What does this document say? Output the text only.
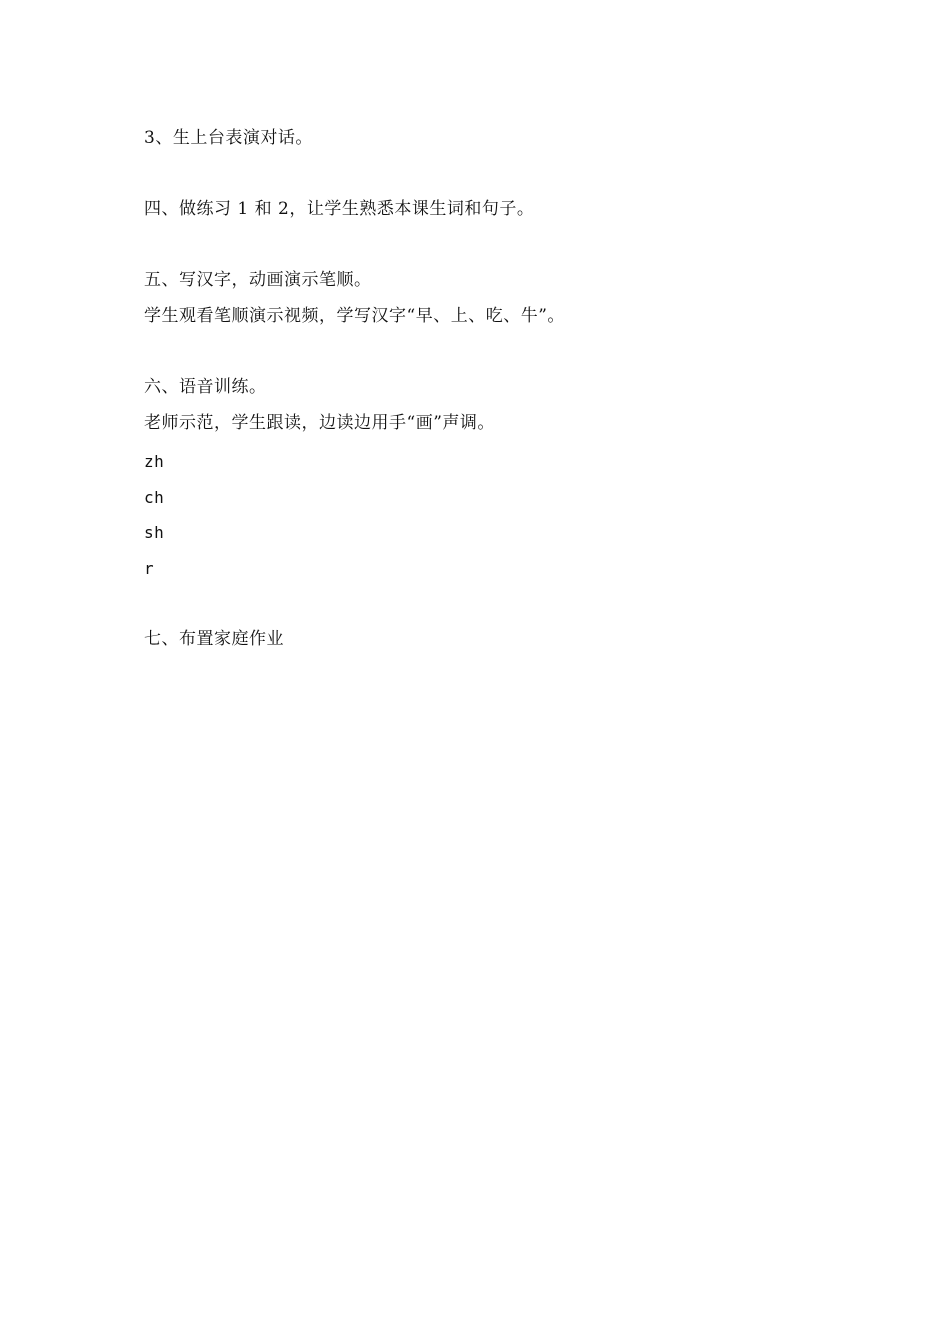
3、生上台表演对话。
四、做练习 1 和 2，让学生熟悉本课生词和句子。
五、写汉字，动画演示笔顺。
学生观看笔顺演示视频，学写汉字“早、上、吃、牛”。
六、语音训练。
老师示范，学生跟读，边读边用手“画”声调。
zh
ch
sh
r
七、布置家庭作业
